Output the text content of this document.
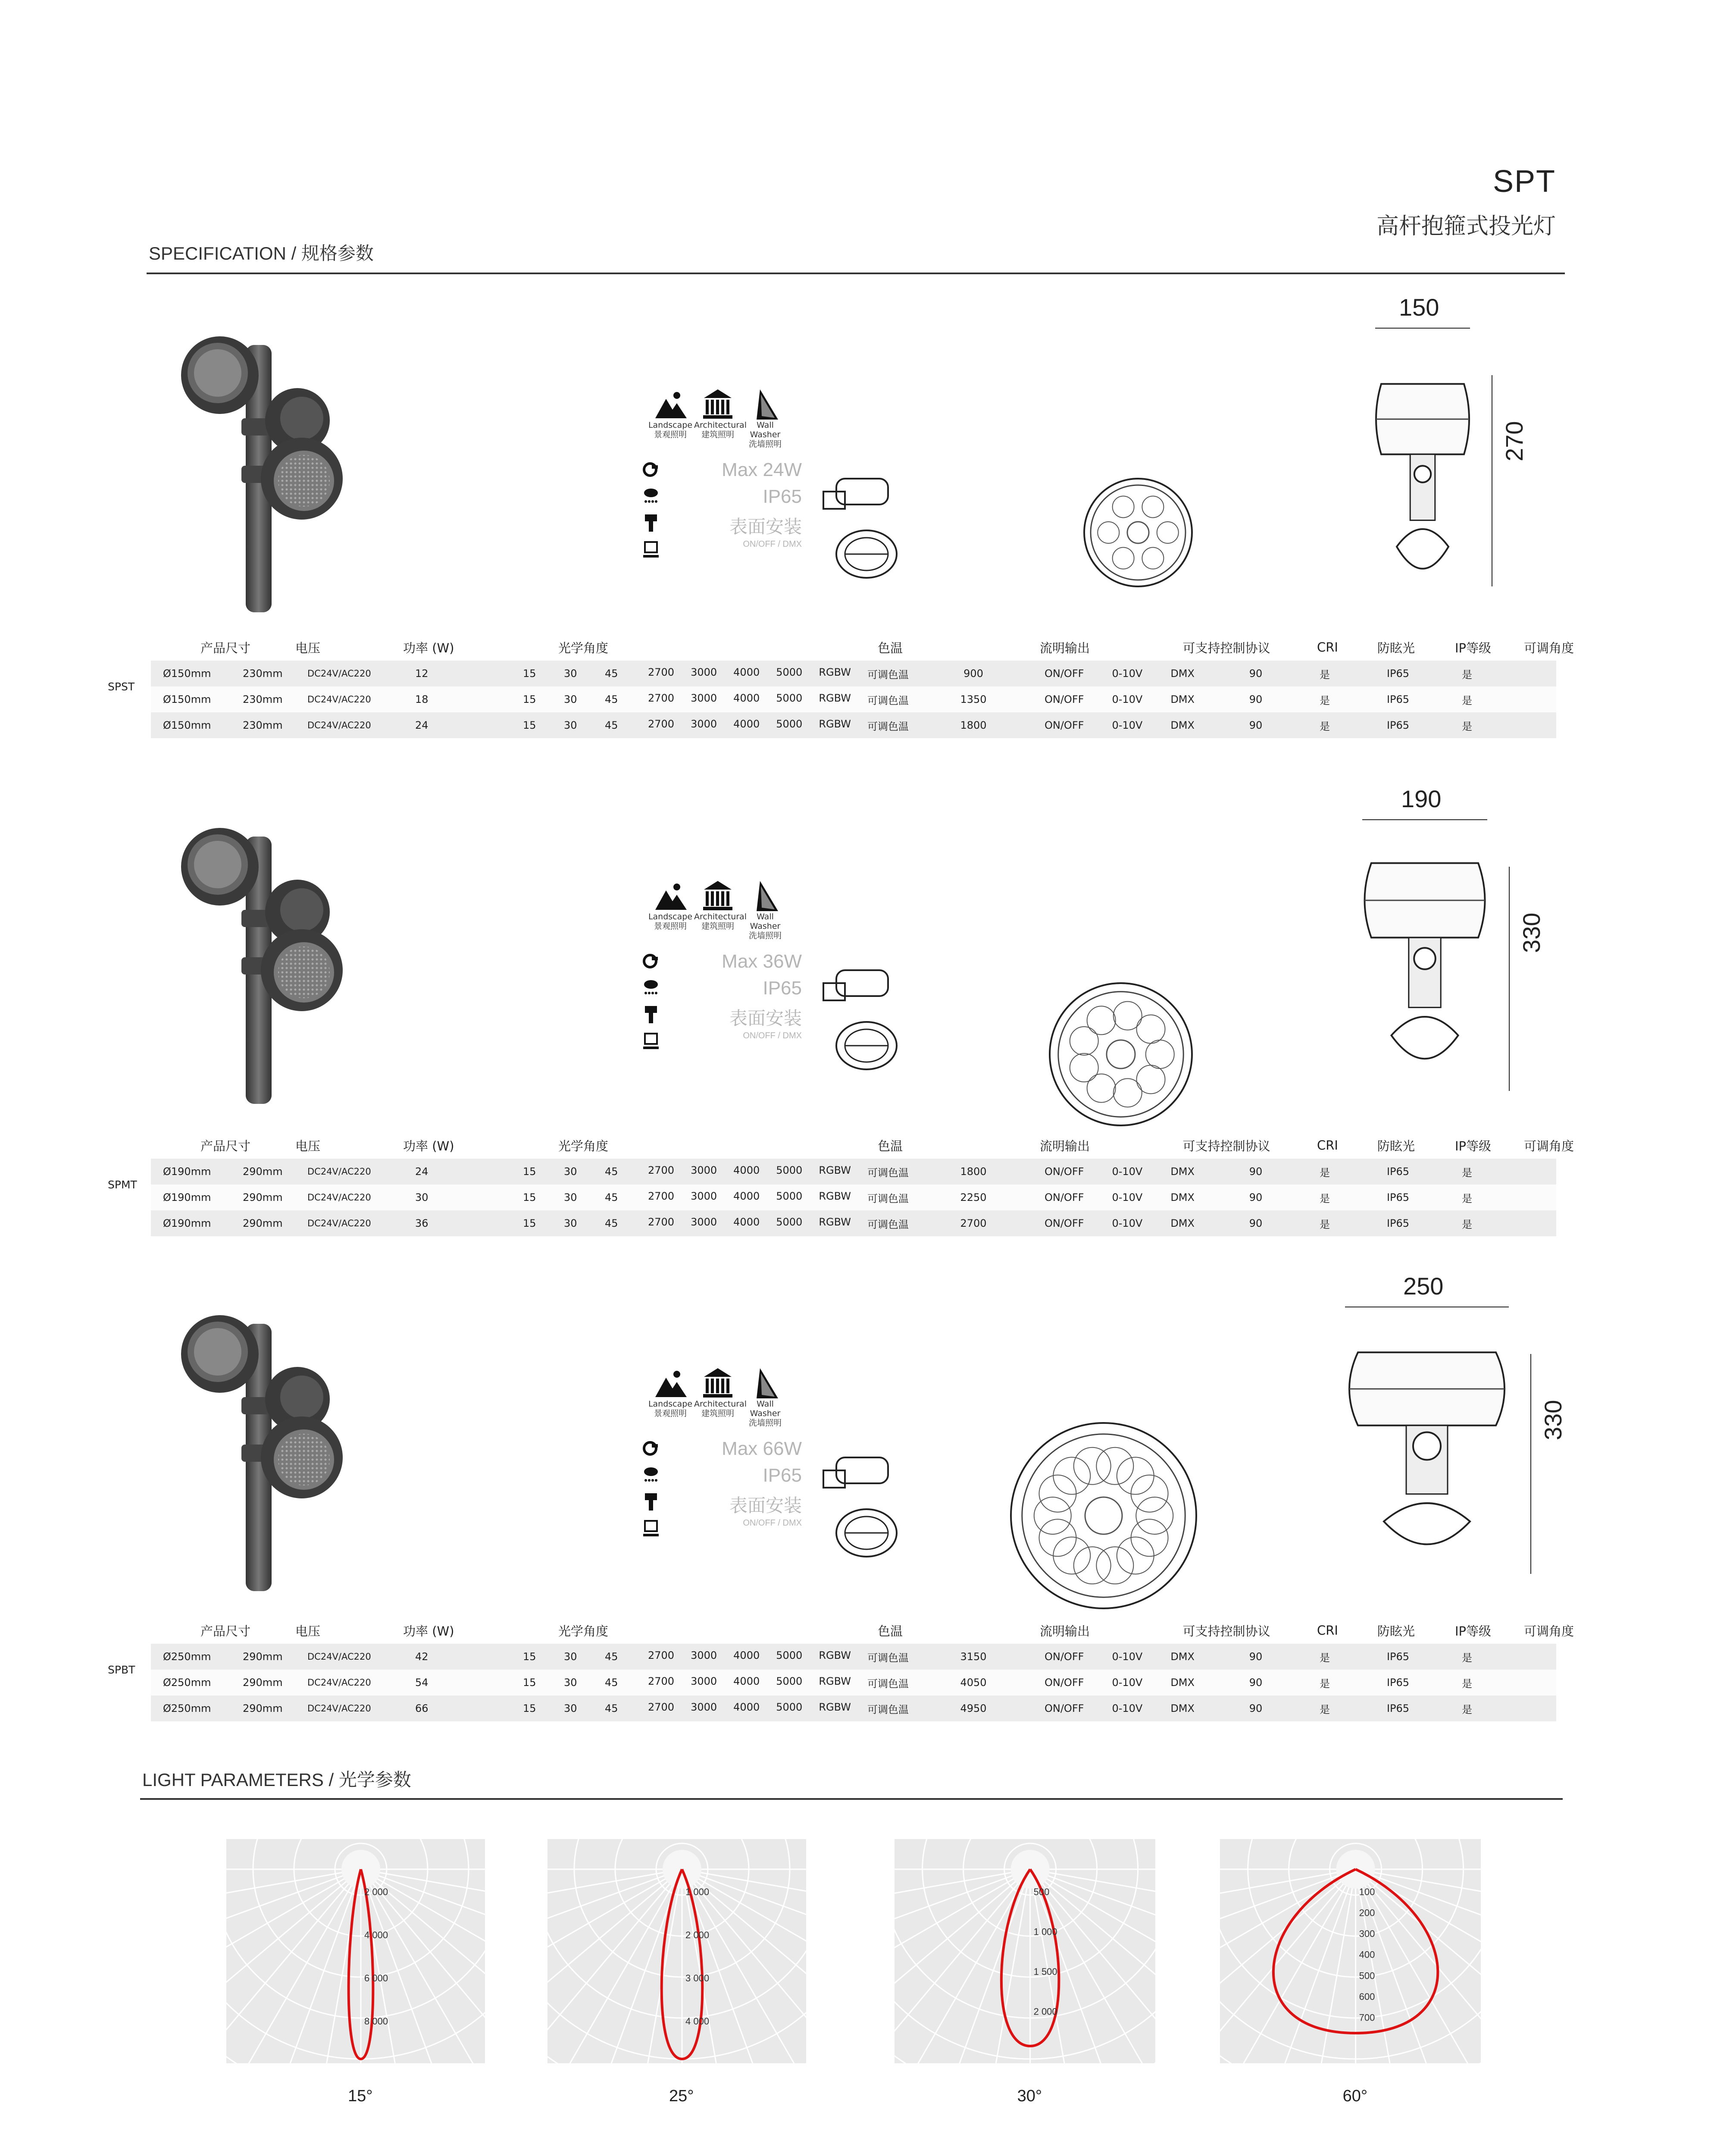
SPT
高杆抱箍式投光灯
SPECIFICATION / 规格参数
Landscape
景观照明
Architectural
建筑照明
Wall Washer
洗墙照明
Max 24W
IP65
表面安装
ON/OFF / DMX
150
270
产品尺寸	电压	功率 (W)	光学角度	色温	流明输出	可支持控制协议	CRI	防眩光	IP等级	可调角度
Ø150mm	230mm	DC24V/AC220	12	15	30	45	2700 3000 4000 5000 RGBW 可调色温	900	ON/OFF	0-10V	DMX	90	是	IP65	是
Ø150mm	230mm	DC24V/AC220	18	15	30	45	2700 3000 4000 5000 RGBW 可调色温	1350	ON/OFF	0-10V	DMX	90	是	IP65	是
Ø150mm	230mm	DC24V/AC220	24	15	30	45	2700 3000 4000 5000 RGBW 可调色温	1800	ON/OFF	0-10V	DMX	90	是	IP65	是
SPST
Landscape
景观照明
Architectural
建筑照明
Wall Washer
洗墙照明
Max 36W
IP65
表面安装
ON/OFF / DMX
190
330
产品尺寸	电压	功率 (W)	光学角度	色温	流明输出	可支持控制协议	CRI	防眩光	IP等级	可调角度
Ø190mm	290mm	DC24V/AC220	24	15	30	45	2700 3000 4000 5000 RGBW 可调色温	1800	ON/OFF	0-10V	DMX	90	是	IP65	是
Ø190mm	290mm	DC24V/AC220	30	15	30	45	2700 3000 4000 5000 RGBW 可调色温	2250	ON/OFF	0-10V	DMX	90	是	IP65	是
Ø190mm	290mm	DC24V/AC220	36	15	30	45	2700 3000 4000 5000 RGBW 可调色温	2700	ON/OFF	0-10V	DMX	90	是	IP65	是
SPMT
Landscape
景观照明
Architectural
建筑照明
Wall Washer
洗墙照明
Max 66W
IP65
表面安装
ON/OFF / DMX
250
330
产品尺寸	电压	功率 (W)	光学角度	色温	流明输出	可支持控制协议	CRI	防眩光	IP等级	可调角度
Ø250mm	290mm	DC24V/AC220	42	15	30	45	2700 3000 4000 5000 RGBW 可调色温	3150	ON/OFF	0-10V	DMX	90	是	IP65	是
Ø250mm	290mm	DC24V/AC220	54	15	30	45	2700 3000 4000 5000 RGBW 可调色温	4050	ON/OFF	0-10V	DMX	90	是	IP65	是
Ø250mm	290mm	DC24V/AC220	66	15	30	45	2700 3000 4000 5000 RGBW 可调色温	4950	ON/OFF	0-10V	DMX	90	是	IP65	是
SPBT
LIGHT PARAMETERS / 光学参数
2 000
4 000
6 000
8 000
15°
1 000
2 000
3 000
4 000
25°
500
1 000
1 500
2 000
30°
100
200
300
400
500
600
700
60°
